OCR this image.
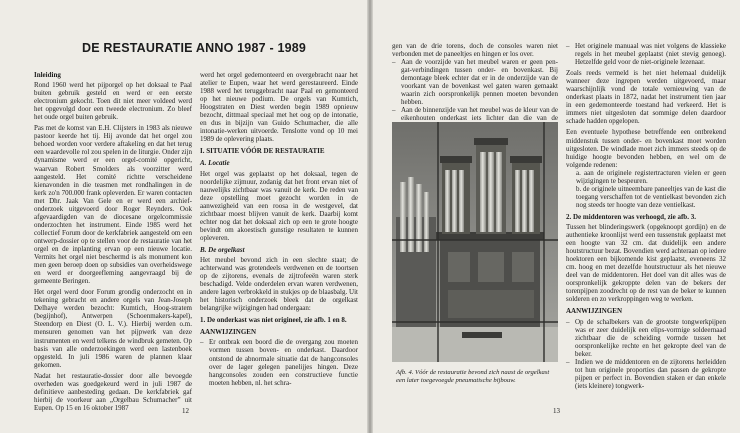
DE RESTAURATIE ANNO 1987 - 1989
Inleiding

Rond 1960 werd het pijporgel op het doksaal te Paal buiten gebruik gesteld en werd er een eerste electronium gekocht. Toen dit niet meer voldeed werd het opgevolgd door een tweede electronium. Zo bleef het oude orgel buiten gebruik.

Pas met de komst van E.H. Clijsters in 1983 als nieuwe pastoor keerde het tij. Hij avonde dat het orgel zou behoed worden voor verdere aftakeling en dat het terug een waardevolle rol zou spelen in de liturgie. Onder zijn dynamisme werd er een orgel-comité opgericht, waarvan Robert Smolders als voorzitter werd aangesteld. Het comité richtte verscheidene kienavonden in die teasmen met rondhalingen in de kerk zo'n 700.000 frank opleverden. Er waren contacten met Dhr. Jaak Van Gele en er werd een archief-onderzoek uitgevoerd door Roger Reynders. Ook afgevaardigden van de diocesane orgelcommissie onderzochten het instrument. Einde 1985 werd het collectief Forum door de kerkfabriek aangesteld om een ontwerp-dossier op te stellen voor de restauratie van het orgel en de inplanting ervan op een nieuwe locatie. Vermits het orgel niet beschermd is als monument kon men geen beroep doen op subsidies van overheidswege en werd er doorgeefleming aangevraagd bij de gemeente Beringen.

Het orgel werd door Forum grondig onderzocht en in tekening gebracht en andere orgels van Jean-Joseph Delhaye werden bezocht: Kumtich, Hoog-stratem (begijnhof), Antwerpen (Schoenmakers-kapel), Steendorp en Diest (O. L. V.). Hierbij werden o.m. mensuren genomen van het pijpwerk van deze instrumenten en werd telkens de windbruk gemeten. Op basis van alle onderzoekingen werd een lastenboek opgesteld. In juli 1986 waren de plannen klaar gekomen.

Nadat het restauratie-dossier door alle bevoegde overheden was goedgekeurd werd in juli 1987 de definitieve aanbesteding gedaan. De kerkfabriek gaf hierbij de voorkeur aan „Orgelbau Schumacher” uit Eupen. Op 15 en 16 oktober 1987

werd het orgel gedemonteerd en overgebracht naar het atelier te Eupen, waar het werd gerestaureerd. Einde 1988 werd het teruggebracht naar Paal en gemonteerd op het nieuwe podium. De orgels van Kumtich, Hoogstraten en Diest werden begin 1989 opnieuw bezocht, dittmaal speciaal met het oog op de intonatie, en dus in bijzijn van Guido Schumacher, die alle intonatie-werken uitvoerde. Tenslotte vond op 10 mei 1989 de oplevering plaats.

I. SITUATIE VÓÓR DE RESTAURATIE
A. Locatie

Het orgel was geplaatst op het doksaal, tegen de noordelijke zijmuur, zodanig dat het front ervan niet of nauwelijks zichtbaar was vanuit de kerk. De reden van deze opstelling moet gezocht worden in de aanwezigheid van een roosa in de westgevel, dat zichtbaar moest blijven vanuit de kerk. Daarbij komt echter nog dat het doksaal zich op een te grote hoogte bevindt om akoestisch gunstige resultaten te kunnen opleveren.

B. De orgelkast

Het meubel bevond zich in een slechte staat; de achterwand was grotendeels verdwenen en de toortsen op de zijtorens, evenals de zijtrofeeën waren sterk beschadigd. Velde onderdelen ervan waren verdwenen, andere lagen verbrokkeld in stukjes op de blaasbalg. Uit het historisch onderzoek bleek dat de orgelkast belangrijke wijzigingen had ondergaan:

1. De onderkast was niet origineel, zie afb. 1 en 8.
AANWIJZINGEN
– Er ontbrak een boord die de overgang zou moeten vormen tussen boven- en onderkast. Daardoor ontstond de abnormale situatie dat de hangconsoles over de lager gelegen panelijjes hingen. Deze hangconsoles zouden een constructieve functie moeten hebben, nl. het schra-
12

gen van de drie torens, doch de consoles waren niet verbonden met de paneeltjes en hingen er los over.

– Aan de voorzijde van het meubel waren er geen pen-gat-verbindingen tussen onder- en bovenkast. Bij demontage bleek echter dat er in de onderzijde van de voorkant van de bovenkast wel gaten waren gemaakt waarin zich oorspronkelijk pennen moeten bevonden hebben.
– Aan de binnenzijde van het meubel was de kleur van de eikenhouten onderkast iets lichter dan die van de
Afb. 4. Vóór de restauratie bevond zich naast de orgelkast een later toegevoegde pneumatische bijbouw.
– Het originele manuaal was niet volgens de klassieke regels in het meubel geplaatst (niet stevig genoeg). Hetzelfde geld voor de niet-originele lezenaar.

Zoals reeds vermeld is het niet helemaal duidelijk wanneer deze ingrepen werden uitgevoerd, maar waarschijnlijk vond de totale vernieuwing van de onderkast plaats in 1872, nadat het instrument tien jaar in een gedemonteerde toestand had verkeerd. Het is immers niet uitgesloten dat sommige delen daardoor schade hadden opgelopen.

Een eventuele hypothese betreffende een ontbrekend middenstuk tussen onder- en bovenkast moet worden uitgesloten. De windlade moet zich immers steeds op de huidige hoogte bevonden hebben, en wel om de volgende redenen:

a. aan de originele registertracturen vielen er geen wijzigingen te bespeuren.
b. de originele uitneembare paneeltjes van de kast die toegang verschaffen tot de ventielkast bevonden zich nog steeds ter hoogte van deze ventielkast.
2. De middentoren was verhoogd, zie afb. 3.

Tussen het blinderingswerk (opgeknoopt gordijn) en de authentieke kroonlijst werd een tussenstuk geplaatst met een hoogte van 32 cm. dat duidelijk een andere houtstructuur bezat. Bovendien werd achteraan op iedere hoektoren een bijkomende kist geplaatst, eveneens 32 cm. hoog en met dezelfde houtstructuur als het nieuwe deel van de middentoren. Het doel van dit alles was de oorspronkelijk gekroppte delen van de bekers der torenpijpen zoodrecht op de rest van de beker te kunnen solderen en zo verkroppingen weg te werken.

AANWIJZINGEN
– Op de schalbekers van de grootste tongwerkpijpen was er zeer duidelijk een elips-vormige soldeernaad zichtbaar die de scheiding vormde tussen het oorspronkelijke rechte en het gekropte deel van de beker.
– Indien we de middentoren en de zijtorens herleidden tot hun originele proporties dan passen de gekropte pijpen er perfect in. Bovendien staken er dan enkele (iets kleinere) tongwerk-
13
